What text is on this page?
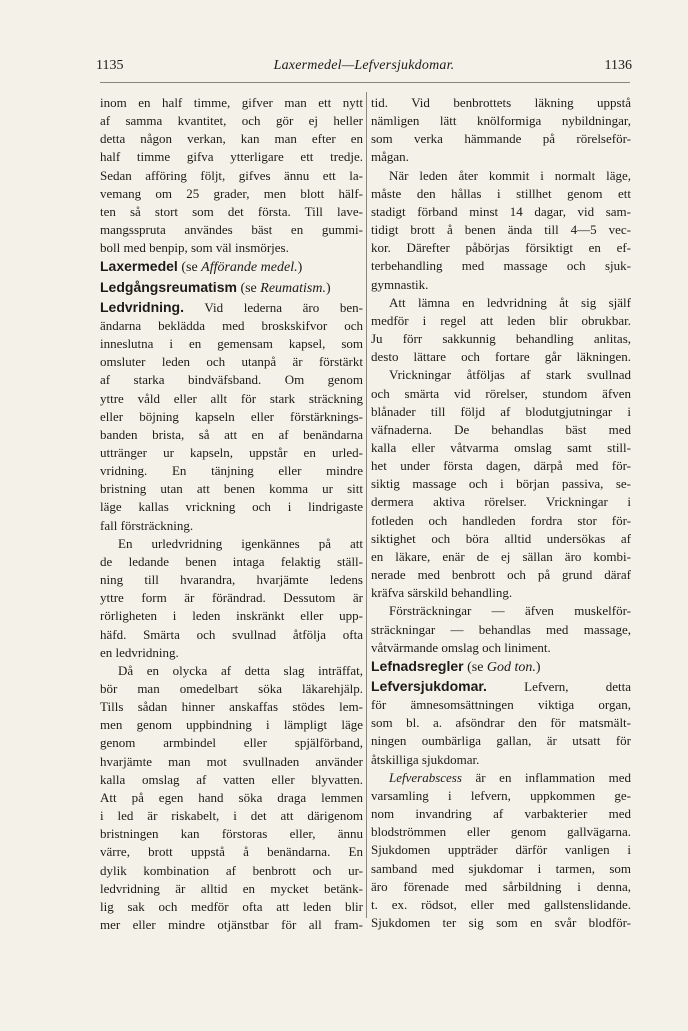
1135	Laxermedel—Lefversjukdomar.	1136
inom en half timme, gifver man ett nytt
af samma kvantitet, och gör ej heller
detta någon verkan, kan man efter en
half timme gifva ytterligare ett tredje.
Sedan afföring följt, gifves ännu ett la-
vemang om 25 grader, men blott hälf-
ten så stort som det första. Till lave-
mangsspruta användes bäst en gummi-
boll med benpip, som väl insmörjes.
Laxermedel (se Afförande medel.)
Ledgångsreumatism (se Reumatism.)
Ledvridning. Vid lederna äro ben-
ändarna beklädda med broskskifvor och
inneslutna i en gemensam kapsel, som
omsluter leden och utanpå är förstärkt
af starka bindväfsband. Om genom
yttre våld eller allt för stark sträckning
eller böjning kapseln eller förstärknings-
banden brista, så att en af benändarna
uttränger ur kapseln, uppstår en urled-
vridning. En tänjning eller mindre
bristning utan att benen komma ur sitt
läge kallas vrickning och i lindrigaste
fall försträckning.
En urledvridning igenkännes på att
de ledande benen intaga felaktig ställ-
ning till hvarandra, hvarjämte ledens
yttre form är förändrad. Dessutom är
rörligheten i leden inskränkt eller upp-
häfd. Smärta och svullnad åtfölja ofta
en ledvridning.
Då en olycka af detta slag inträffat,
bör man omedelbart söka läkarehjälp.
Tills sådan hinner anskaffas stödes lem-
men genom uppbindning i lämpligt läge
genom armbindel eller spjälförband,
hvarjämte man mot svullnaden använder
kalla omslag af vatten eller blyvatten.
Att på egen hand söka draga lemmen
i led är riskabelt, i det att därigenom
bristningen kan förstoras eller, ännu
värre, brott uppstå å benändarna. En
dylik kombination af benbrott och ur-
ledvridning är alltid en mycket betänk-
lig sak och medför ofta att leden blir
mer eller mindre otjänstbar för all fram-
tid. Vid benbrottets läkning uppstå
nämligen lätt knölformiga nybildningar,
som verka hämmande på rörelseför-
mågan.
När leden åter kommit i normalt läge,
måste den hållas i stillhet genom ett
stadigt förband minst 14 dagar, vid sam-
tidigt brott å benen ända till 4—5 vec-
kor. Därefter påbörjas försiktigt en ef-
terbehandling med massage och sjuk-
gymnastik.
Att lämna en ledvridning åt sig själf
medför i regel att leden blir obrukbar.
Ju förr sakkunnig behandling anlitas,
desto lättare och fortare går läkningen.
Vrickningar åtföljas af stark svullnad
och smärta vid rörelser, stundom äfven
blånader till följd af blodutgjutningar i
väfnaderna. De behandlas bäst med
kalla eller våtvarma omslag samt still-
het under första dagen, därpå med för-
siktig massage och i början passiva, se-
dermera aktiva rörelser. Vrickningar i
fotleden och handleden fordra stor för-
siktighet och böra alltid undersökas af
en läkare, enär de ej sällan äro kombi-
nerade med benbrott och på grund däraf
kräfva särskild behandling.
Försträckningar — äfven muskelför-
sträckningar — behandlas med massage,
våtvärmande omslag och liniment.
Lefnadsregler (se God ton.)
Lefversjukdomar.	Lefvern, detta
för ämnesomsättningen viktiga organ,
som bl. a. afsöndrar den för matsmält-
ningen oumbärliga gallan, är utsatt för
åtskilliga sjukdomar.
Lefverabscess är en inflammation med
varsamling i lefvern, uppkommen ge-
nom invandring af varbakterier med
blodströmmen eller genom gallvägarna.
Sjukdomen uppträder därför vanligen i
samband med sjukdomar i tarmen, som
äro förenade med sårbildning i denna,
t. ex. rödsot, eller med gallstenslidande.
Sjukdomen ter sig som en svår blodför-
